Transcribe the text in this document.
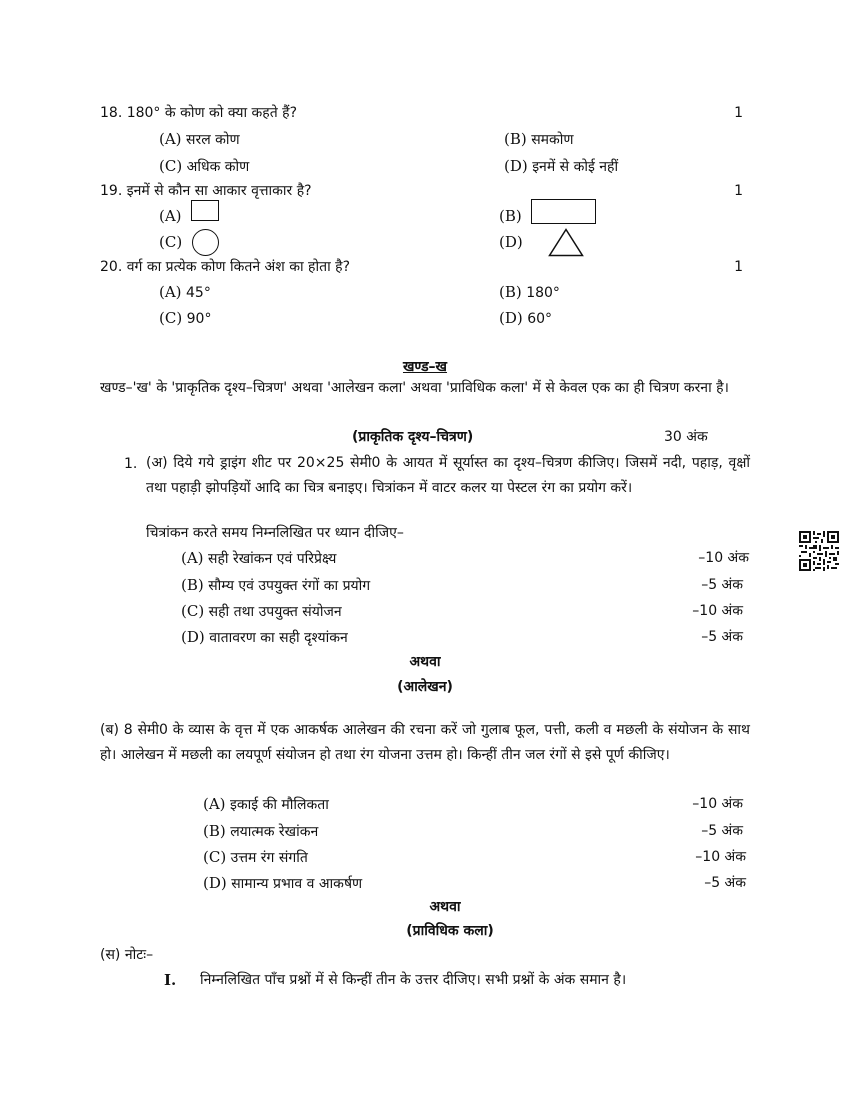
18. 180° के कोण को क्या कहते हैं?	1
(A) सरल कोण	(B) समकोण
(C) अधिक कोण	(D) इनमें से कोई नहीं
19. इनमें से कौन सा आकार वृत्ताकार है?	1
(A)	(B)
(C)	(D)
20. वर्ग का प्रत्येक कोण कितने अंश का होता है?	1
(A) 45°	(B) 180°
(C) 90°	(D) 60°
खण्ड–ख
खण्ड–'ख' के 'प्राकृतिक दृश्य–चित्रण' अथवा 'आलेखन कला' अथवा 'प्राविधिक कला' में से केवल एक का ही चित्रण करना है।
(प्राकृतिक दृश्य–चित्रण)	30 अंक
1. (अ) दिये गये ड्राइंग शीट पर 20×25 सेमी0 के आयत में सूर्यास्त का दृश्य–चित्रण कीजिए। जिसमें नदी, पहाड़, वृक्षों तथा पहाड़ी झोपड़ियों आदि का चित्र बनाइए। चित्रांकन में वाटर कलर या पेस्टल रंग का प्रयोग करें।
चित्रांकन करते समय निम्नलिखित पर ध्यान दीजिए–
(A) सही रेखांकन एवं परिप्रेक्ष्य	–10 अंक
(B) सौम्य एवं उपयुक्त रंगों का प्रयोग	–5 अंक
(C) सही तथा उपयुक्त संयोजन	–10 अंक
(D) वातावरण का सही दृश्यांकन	–5 अंक
अथवा
(आलेखन)
(ब) 8 सेमी0 के व्यास के वृत्त में एक आकर्षक आलेखन की रचना करें जो गुलाब फूल, पत्ती, कली व मछली के संयोजन के साथ हो। आलेखन में मछली का लयपूर्ण संयोजन हो तथा रंग योजना उत्तम हो। किन्हीं तीन जल रंगों से इसे पूर्ण कीजिए।
(A) इकाई की मौलिकता	–10 अंक
(B) लयात्मक रेखांकन	–5 अंक
(C) उत्तम रंग संगति	–10 अंक
(D) सामान्य प्रभाव व आकर्षण	–5 अंक
अथवा
(प्राविधिक कला)
(स) नोटः–
I. निम्नलिखित पाँच प्रश्नों में से किन्हीं तीन के उत्तर दीजिए। सभी प्रश्नों के अंक समान है।
